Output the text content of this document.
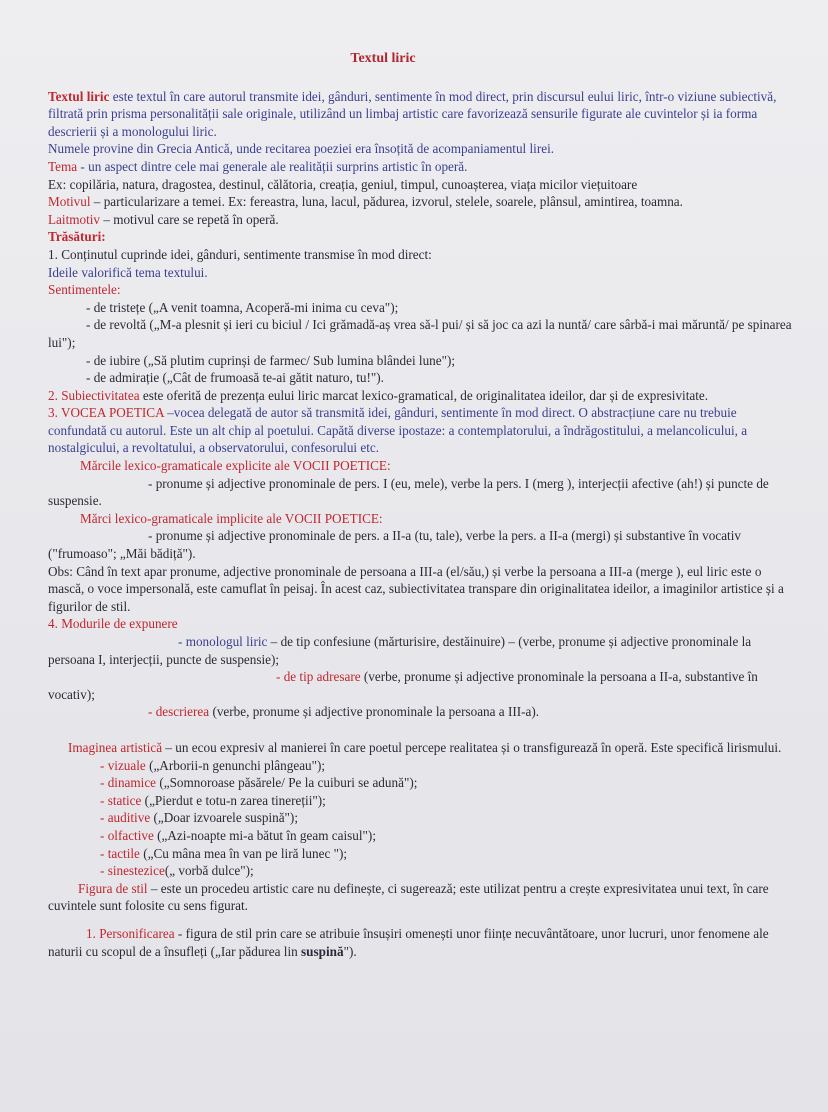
Textul liric

Textul liric este textul în care autorul transmite idei, gânduri, sentimente în mod direct, prin discursul eului liric, într-o viziune subiectivă, filtrată prin prisma personalității sale originale, utilizând un limbaj artistic care favorizează sensurile figurate ale cuvintelor și ia forma descrierii și a monologului liric.

Numele provine din Grecia Antică, unde recitarea poeziei era însoțită de acompaniamentul lirei.

Tema - un aspect dintre cele mai generale ale realității surprins artistic în operă.

Ex: copilăria, natura, dragostea, destinul, călătoria, creația, geniul, timpul, cunoașterea, viața micilor viețuitoare

Motivul – particularizare a temei. Ex: fereastra, luna, lacul, pădurea, izvorul, stelele, soarele, plânsul, amintirea, toamna.

Laitmotiv – motivul care se repetă în operă.

Trăsături:

1. Conținutul cuprinde idei, gânduri, sentimente transmise în mod direct:

Ideile valorifică tema textului.

Sentimentele:

- de tristețe („A venit toamna, Acoperă-mi inima cu ceva");

- de revoltă („M-a plesnit și ieri cu biciul / Ici grămadă-aș vrea să-l pui/ și să joc ca azi la nuntă/ care sârbă-i mai măruntă/ pe spinarea lui");

- de iubire („Să plutim cuprinși de farmec/ Sub lumina blândei lune");

- de admirație („Cât de frumoasă te-ai gătit naturo, tu!").

2. Subiectivitatea este oferită de prezența eului liric marcat lexico-gramatical, de originalitatea ideilor, dar și de expresivitate.

3. VOCEA POETICA –vocea delegată de autor să transmită idei, gânduri, sentimente în mod direct. O abstracțiune care nu trebuie confundată cu autorul. Este un alt chip al poetului. Capătă diverse ipostaze: a contemplatorului, a îndrăgostitului, a melancolicului, a nostalgicului, a revoltatului, a observatorului, confesorului etc.

Mărcile lexico-gramaticale explicite ale VOCII POETICE:

- pronume și adjective pronominale de pers. I (eu, mele), verbe la pers. I (merg ), interjecții afective (ah!) și puncte de suspensie.

Mărci lexico-gramaticale implicite ale VOCII POETICE:

- pronume și adjective pronominale de pers. a II-a (tu, tale), verbe la pers. a II-a (mergi) și substantive în vocativ ("frumoaso"; „Măi bădiță").

Obs: Când în text apar pronume, adjective pronominale de persoana a III-a (el/său,) și verbe la persoana a III-a (merge ), eul liric este o mască, o voce impersonală, este camuflat în peisaj. În acest caz, subiectivitatea transpare din originalitatea ideilor, a imaginilor artistice și a figurilor de stil.

4. Modurile de expunere

- monologul liric – de tip confesiune (mărturisire, destăinuire) – (verbe, pronume și adjective pronominale la persoana I, interjecții, puncte de suspensie);

- de tip adresare (verbe, pronume și adjective pronominale la persoana a II-a, substantive în vocativ);

- descrierea (verbe, pronume și adjective pronominale la persoana a III-a).

Imaginea artistică – un ecou expresiv al manierei în care poetul percepe realitatea și o transfigurează în operă. Este specifică lirismului.

- vizuale („Arborii-n genunchi plângeau");

- dinamice („Somnoroase păsărele/ Pe la cuiburi se adună");

- statice („Pierdut e totu-n zarea tinereții");

- auditive („Doar izvoarele suspină");

- olfactive („Azi-noapte mi-a bătut în geam caisul");

- tactile („Cu mâna mea în van pe liră lunec ");

- sinestezice(„ vorbă dulce");

Figura de stil – este un procedeu artistic care nu definește, ci sugerează; este utilizat pentru a crește expresivitatea unui text, în care cuvintele sunt folosite cu sens figurat.

1. Personificarea - figura de stil prin care se atribuie însușiri omenești unor ființe necuvântătoare, unor lucruri, unor fenomene ale naturii cu scopul de a însufleți („Iar pădurea lin suspină").
